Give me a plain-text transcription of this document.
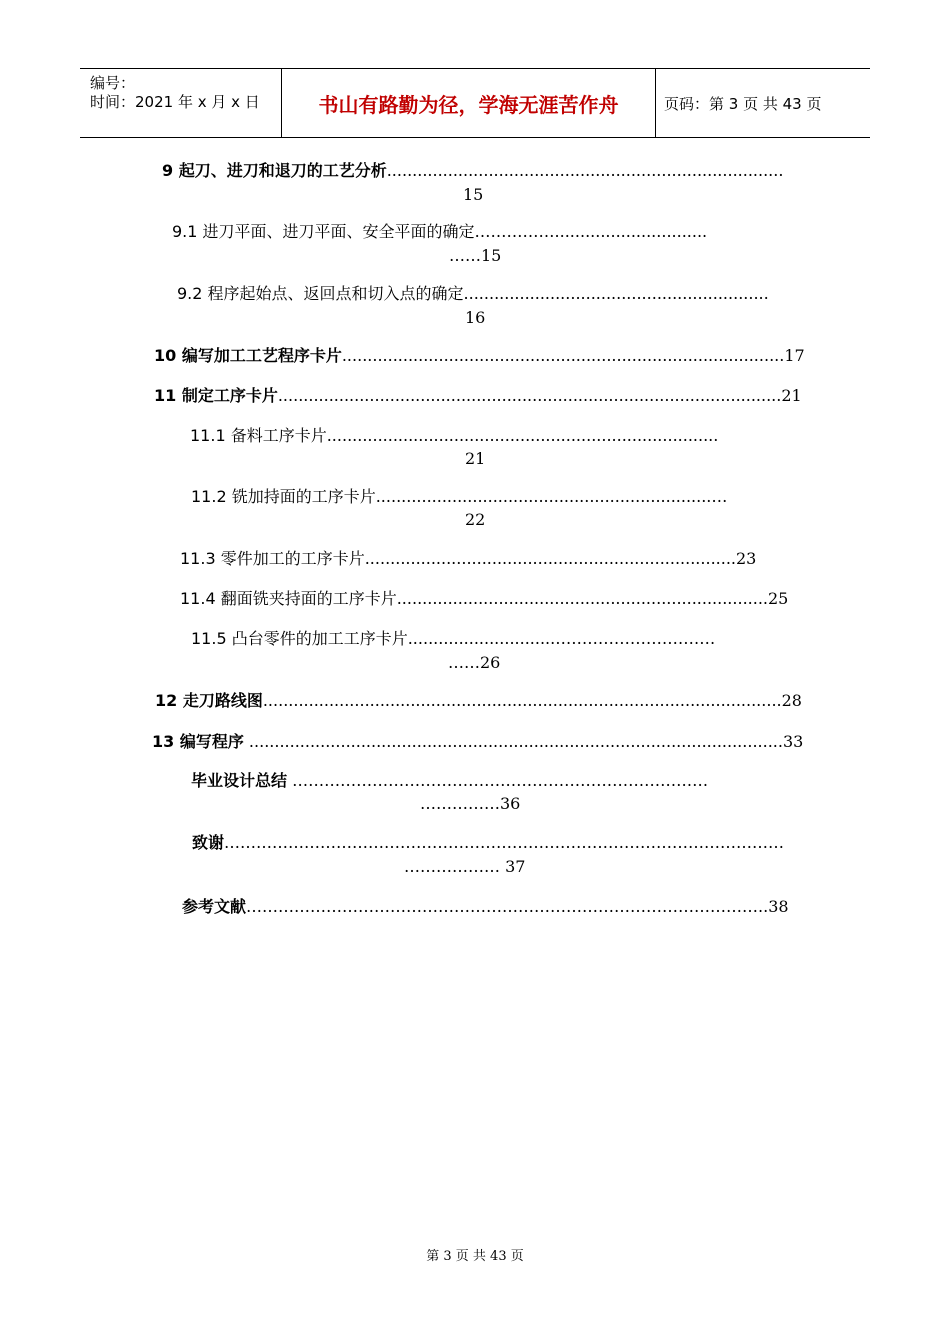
编号：
时间：2021 年 x 月 x 日	书山有路勤为径，学海无涯苦作舟	页码：第 3 页 共 43 页
9 起刀、进刀和退刀的工艺分析..............................................................................
15
9.1 进刀平面、进刀平面、安全平面的确定……………..............................
……15
9.2 程序起始点、返回点和切入点的确定............................................................
16
10 编写加工工艺程序卡片.......................................................................................17
11 制定工序卡片...................................................................................................21
11.1 备料工序卡片.............................................................................
21
11.2 铣加持面的工序卡片..................................................................…
22
11.3 零件加工的工序卡片.........................................................................23
11.4 翻面铣夹持面的工序卡片.........................................................................25
11.5 凸台零件的加工工序卡片.............................…………………………
……26
12 走刀路线图......................................................................................................28
13 编写程序 .........................................................................................................33
毕业设计总结 ……………………………………………………………………
……………36
致谢……………………………………………………………………………………………
……………… 37
参考文献……………………………………………………………………………………..38
第 3 页 共 43 页
